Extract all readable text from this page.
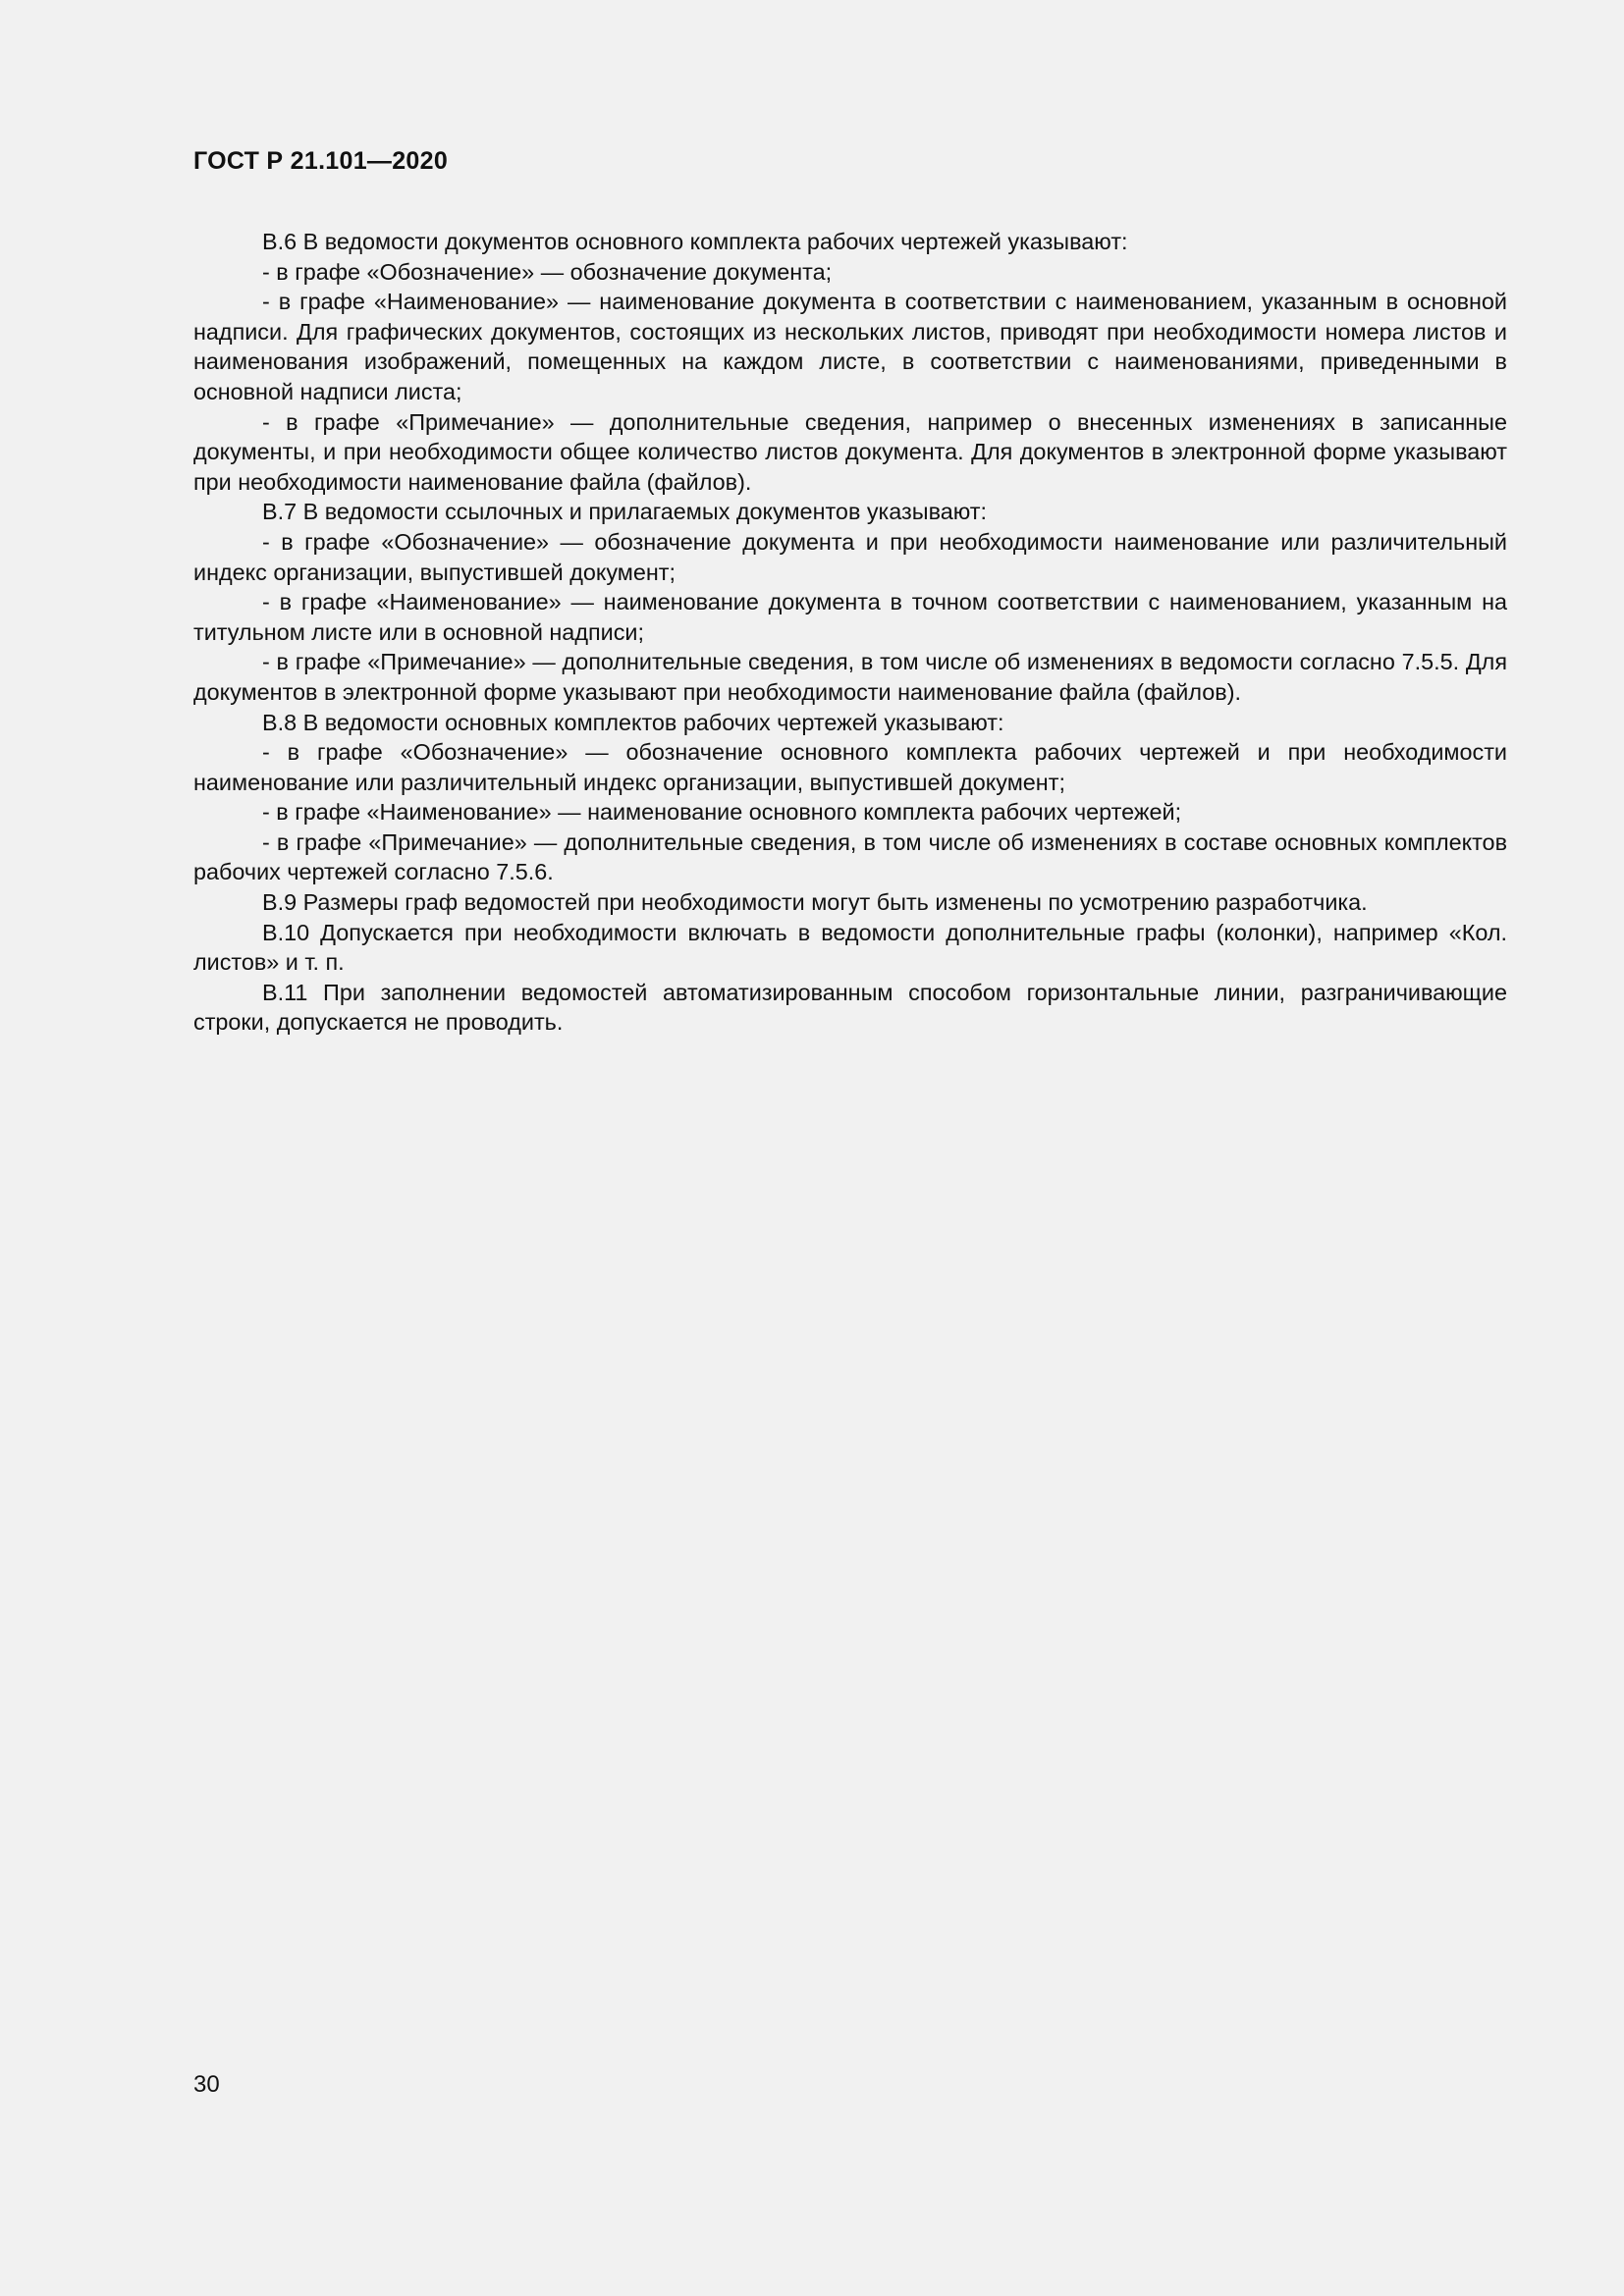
ГОСТ Р 21.101—2020

В.6 В ведомости документов основного комплекта рабочих чертежей указывают:

- в графе «Обозначение» — обозначение документа;

- в графе «Наименование» — наименование документа в соответствии с наименованием, указанным в основной надписи. Для графических документов, состоящих из нескольких листов, приводят при необходимости номера листов и наименования изображений, помещенных на каждом листе, в соответствии с наименованиями, приведенными в основной надписи листа;

- в графе «Примечание» — дополнительные сведения, например о внесенных изменениях в записанные документы, и при необходимости общее количество листов документа. Для документов в электронной форме указывают при необходимости наименование файла (файлов).

В.7 В ведомости ссылочных и прилагаемых документов указывают:

- в графе «Обозначение» — обозначение документа и при необходимости наименование или различительный индекс организации, выпустившей документ;

- в графе «Наименование» — наименование документа в точном соответствии с наименованием, указанным на титульном листе или в основной надписи;

- в графе «Примечание» — дополнительные сведения, в том числе об изменениях в ведомости согласно 7.5.5. Для документов в электронной форме указывают при необходимости наименование файла (файлов).

В.8 В ведомости основных комплектов рабочих чертежей указывают:

- в графе «Обозначение» — обозначение основного комплекта рабочих чертежей и при необходимости наименование или различительный индекс организации, выпустившей документ;

- в графе «Наименование» — наименование основного комплекта рабочих чертежей;

- в графе «Примечание» — дополнительные сведения, в том числе об изменениях в составе основных комплектов рабочих чертежей согласно 7.5.6.

В.9 Размеры граф ведомостей при необходимости могут быть изменены по усмотрению разработчика.

В.10 Допускается при необходимости включать в ведомости дополнительные графы (колонки), например «Кол. листов» и т. п.

В.11 При заполнении ведомостей автоматизированным способом горизонтальные линии, разграничивающие строки, допускается не проводить.

30
